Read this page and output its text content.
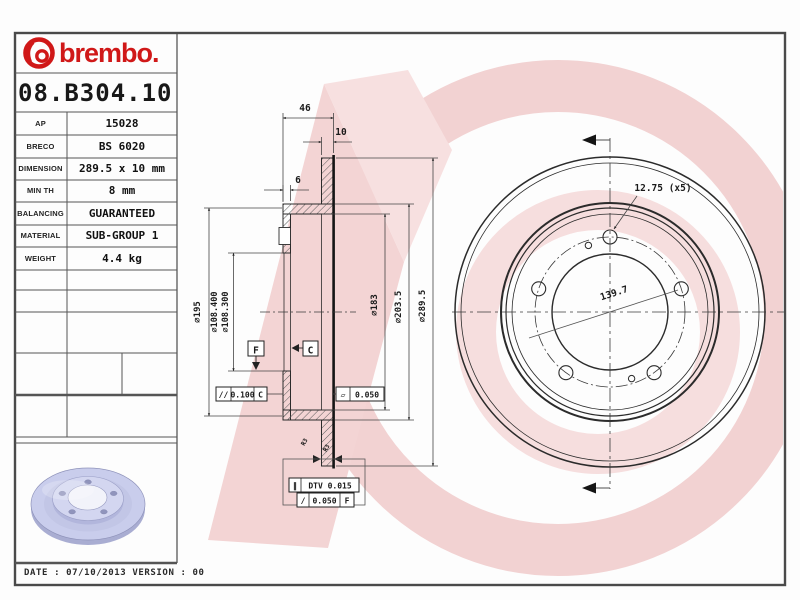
46
10
6
⌀195 ⌀108.400 ⌀108.300	⌀183 ⌀203.5 ⌀289.5
R3
R3
F	C
// 0.100 C	▱ 0.050
∥ DTV 0.015
/ 0.050 F
12.75 (x5)
139.7
brembo.
08.B304.10
AP	15028
BRECO	BS 6020
DIMENSION	289.5 x 10 mm
MIN TH	8 mm
BALANCING	GUARANTEED
MATERIAL	SUB-GROUP 1
WEIGHT	4.4 kg
DATE : 07/10/2013 VERSION : 00
